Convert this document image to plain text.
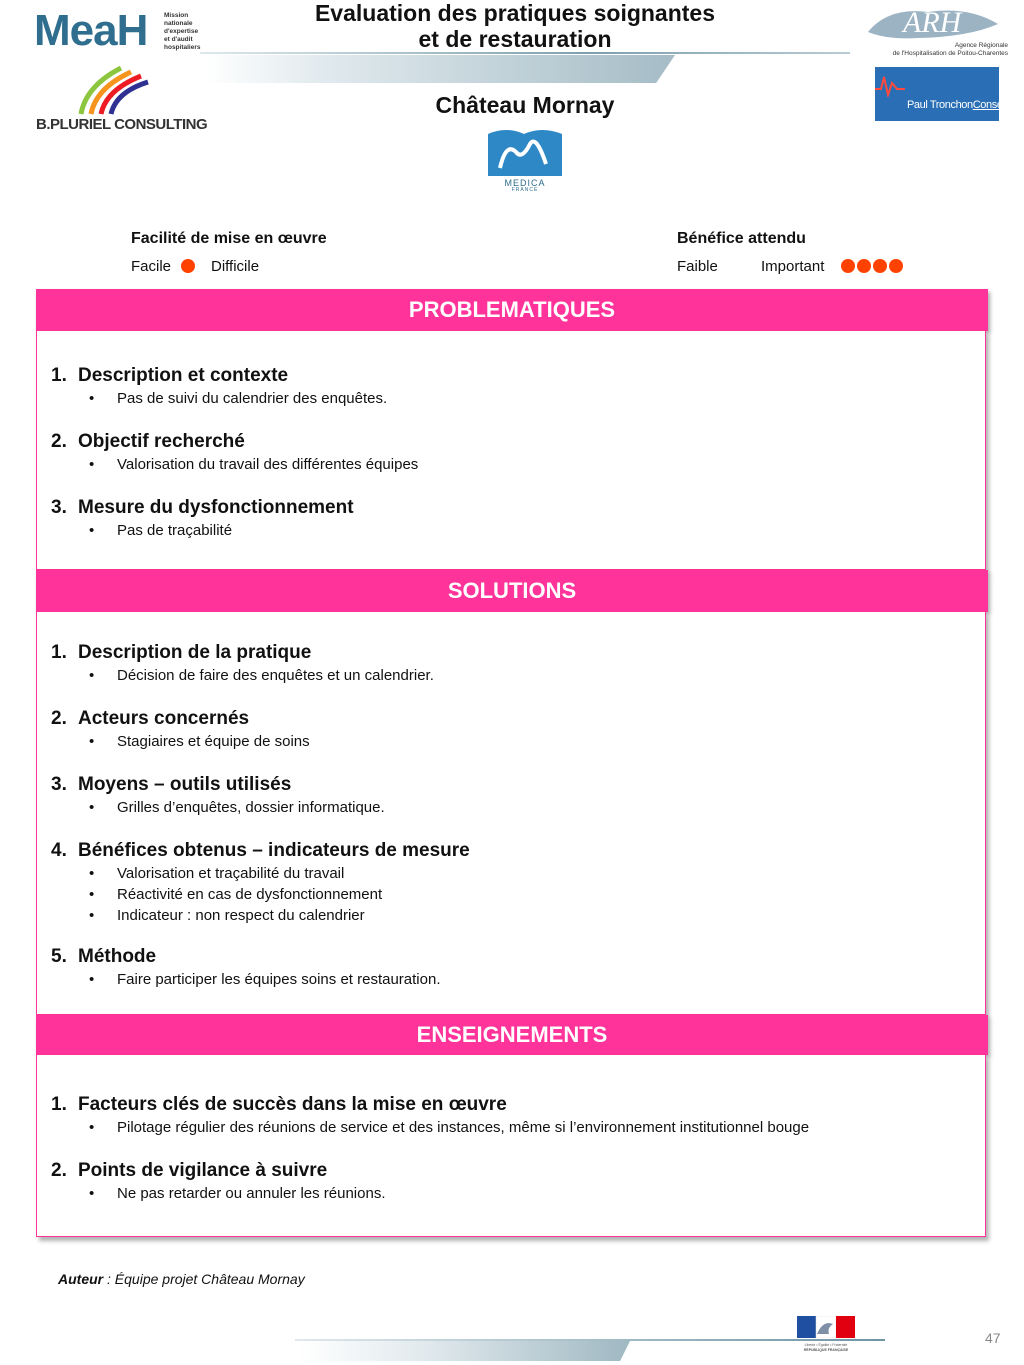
MeaH	Mission
nationale
d'expertise
et d'audit
hospitaliers
Evaluation des pratiques soignantes
et de restauration	ARH
Agence Régionale
de l'Hospitalisation de Poitou-Charentes
B.PLURIEL CONSULTING
Château Mornay
MEDICA
FRANCE
Paul TronchonConseil
Facilité de mise en œuvre
Facile	Difficile
Bénéfice attendu
Faible	Important

PROBLEMATIQUES
1. Description et contexte
• Pas de suivi du calendrier des enquêtes.
2. Objectif recherché
• Valorisation du travail des différentes équipes
3. Mesure du dysfonctionnement
• Pas de traçabilité
SOLUTIONS
1. Description de la pratique
• Décision de faire des enquêtes et un calendrier.
2. Acteurs concernés
• Stagiaires et équipe de soins
3. Moyens – outils utilisés
• Grilles d’enquêtes, dossier informatique.
4. Bénéfices obtenus – indicateurs de mesure
• Valorisation et traçabilité du travail
• Réactivité en cas de dysfonctionnement
• Indicateur : non respect du calendrier
5. Méthode
• Faire participer les équipes soins et restauration.
ENSEIGNEMENTS
1. Facteurs clés de succès dans la mise en œuvre
• Pilotage régulier des réunions de service et des instances, même si l’environnement institutionnel bouge
2. Points de vigilance à suivre
• Ne pas retarder ou annuler les réunions.
Auteur : Équipe projet Château Mornay
Liberté • Égalité • Fraternité
RÉPUBLIQUE FRANÇAISE
47
